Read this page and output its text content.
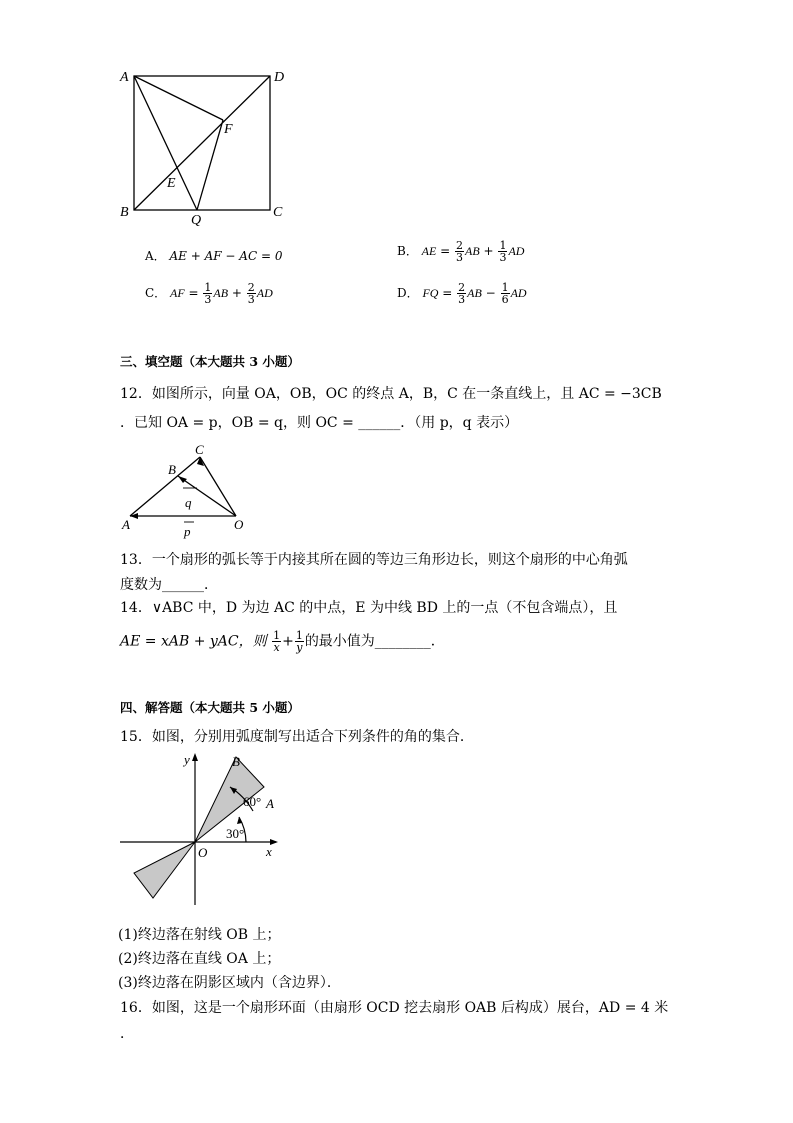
A	D
F
E
B
Q
C
A． AE + AF − AC = 0	B． AE = $\frac{2}{3}$ AB + $\frac{1}{3}$ AD
C． AF = $\frac{1}{3}$ AB + $\frac{2}{3}$ AD	D． FQ = $\frac{2}{3}$ AB − $\frac{1}{6}$ AD
三、填空题（本大题共 3 小题）
12．如图所示，向量 OA，OB，OC 的终点 A，B，C 在一条直线上，且 AC = −3CB
．已知 OA = p，OB = q，则 OC = ______．（用 p，q 表示）
C
B
q
A	p	O
13．一个扇形的弧长等于内接其所在圆的等边三角形边长，则这个扇形的中心角弧
度数为______．
14．∨ABC 中，D 为边 AC 的中点，E 为中线 BD 上的一点（不包含端点），且
AE = xAB + yAC，则 $\frac{1}{x} + \frac{1}{y}$ 的最小值为________．
四、解答题（本大题共 5 小题）
15．如图，分别用弧度制写出适合下列条件的角的集合．
y
x
O
B
A
60°
30°
(1)终边落在射线 OB 上；
(2)终边落在直线 OA 上；
(3)终边落在阴影区域内（含边界）．
16．如图，这是一个扇形环面（由扇形 OCD 挖去扇形 OAB 后构成）展台，AD = 4 米
．
